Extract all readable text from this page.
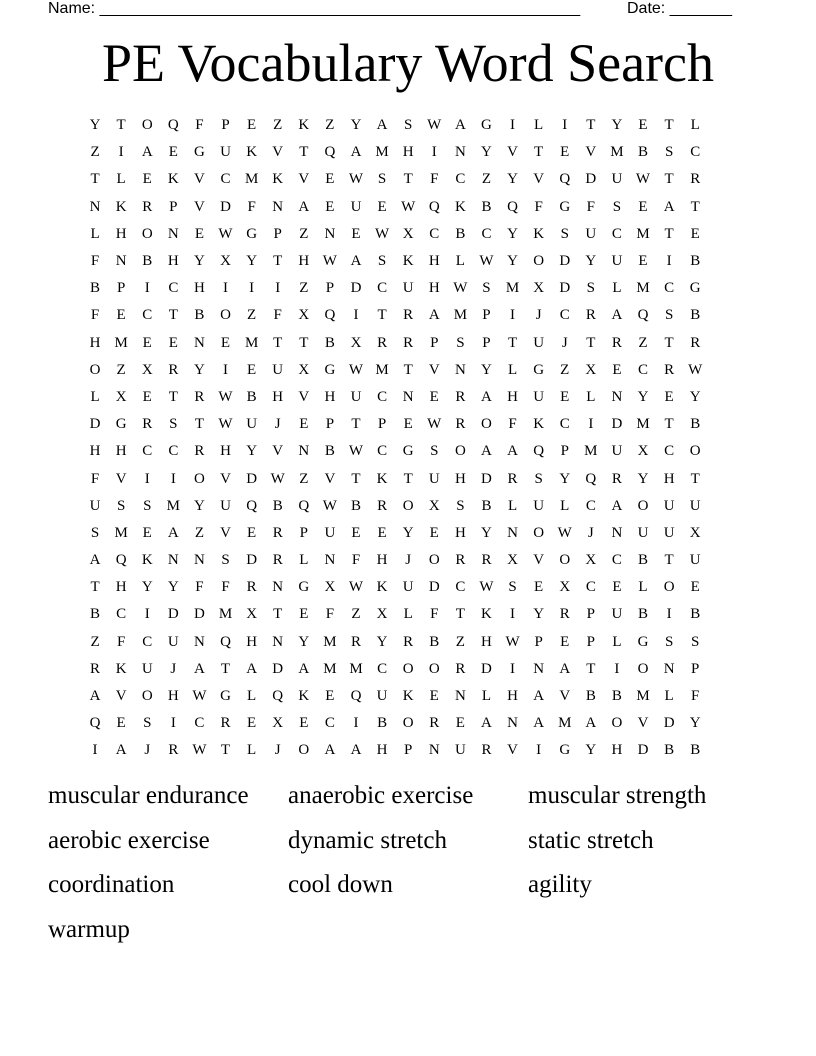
Name: ______________________________________________________	Date: _______
PE Vocabulary Word Search
Y	T	O	Q	F	P	E	Z	K	Z	Y	A	S W A	G	I	L	I	T	Y	E	T	L
Z	I	A	E	G	U	K	V	T	Q	A M H	I	N	Y	V	T	E	V M B	S	C
T	L	E	K	V	C M K	V	E W S	T	F	C	Z	Y	V	Q	D	U W T	R
N	K	R	P	V	D	F	N	A	E	U	E W Q	K	B	Q	F	G	F	S	E	A	T
L	H	O	N	E W G	P	Z	N	E W X	C	B	C	Y	K	S	U	C M T	E
F	N	B	H	Y	X	Y	T	H W A	S	K	H	L W Y	O	D	Y	U	E	I	B
B	P	I	C	H	I	I	I	Z	P	D	C	U	H W S	M X	D	S	L M C	G
F	E	C	T	B	O	Z	F	X	Q	I	T	R	A M	P	I	J	C	R	A	Q	S	B
H M E	E	N	E M T	T	B	X	R	R	P	S	P	T	U	J	T	R	Z	T	R
O	Z	X	R	Y	I	E	U	X	G W M T	V	N	Y	L	G	Z	X	E	C	R W
L	X	E	T	R W B	H	V	H	U	C	N	E	R	A	H	U	E	L	N	Y	E	Y
D	G	R	S	T W U	J	E	P	T	P	E W R	O	F	K	C	I	D M T	B
H	H	C	C	R	H	Y	V	N	B W C	G	S	O	A	A	Q	P	M U	X	C	O
F	V	I	I	O	V	D W Z	V	T	K	T	U	H	D	R	S	Y	Q	R	Y	H	T
U	S	S	M Y	U	Q	B	Q W B	R	O	X	S	B	L	U	L	C	A	O	U	U
S	M E	A	Z	V	E	R	P	U	E	E	Y	E	H	Y	N	O W	J	N	U	U	X
A	Q	K	N	N	S	D	R	L	N	F	H	J	O	R	R	X	V	O	X	C	B	T	U
T	H	Y	Y	F	F	R	N	G	X W K	U	D	C W S	E	X	C	E	L	O	E
B	C	I	D	D M X	T	E	F	Z	X	L	F	T	K	I	Y	R	P	U	B	I	B
Z	F	C	U	N	Q	H	N	Y M R	Y	R	B	Z	H W P	E	P	L	G	S	S
R	K	U	J	A	T	A	D	A M M C	O	O	R	D	I	N	A	T	I	O	N	P
A	V	O	H W G	L	Q	K	E	Q	U	K	E	N	L	H	A	V	B	B M L	F
Q	E	S	I	C	R	E	X	E	C	I	B	O	R	E	A	N	A M A	O	V	D	Y
I	A	J	R W T	L	J	O	A	A	H	P	N	U	R	V	I	G	Y	H	D	B	B
muscular endurance	anaerobic exercise	muscular strength
aerobic exercise	dynamic stretch	static stretch
coordination	cool down	agility
warmup
